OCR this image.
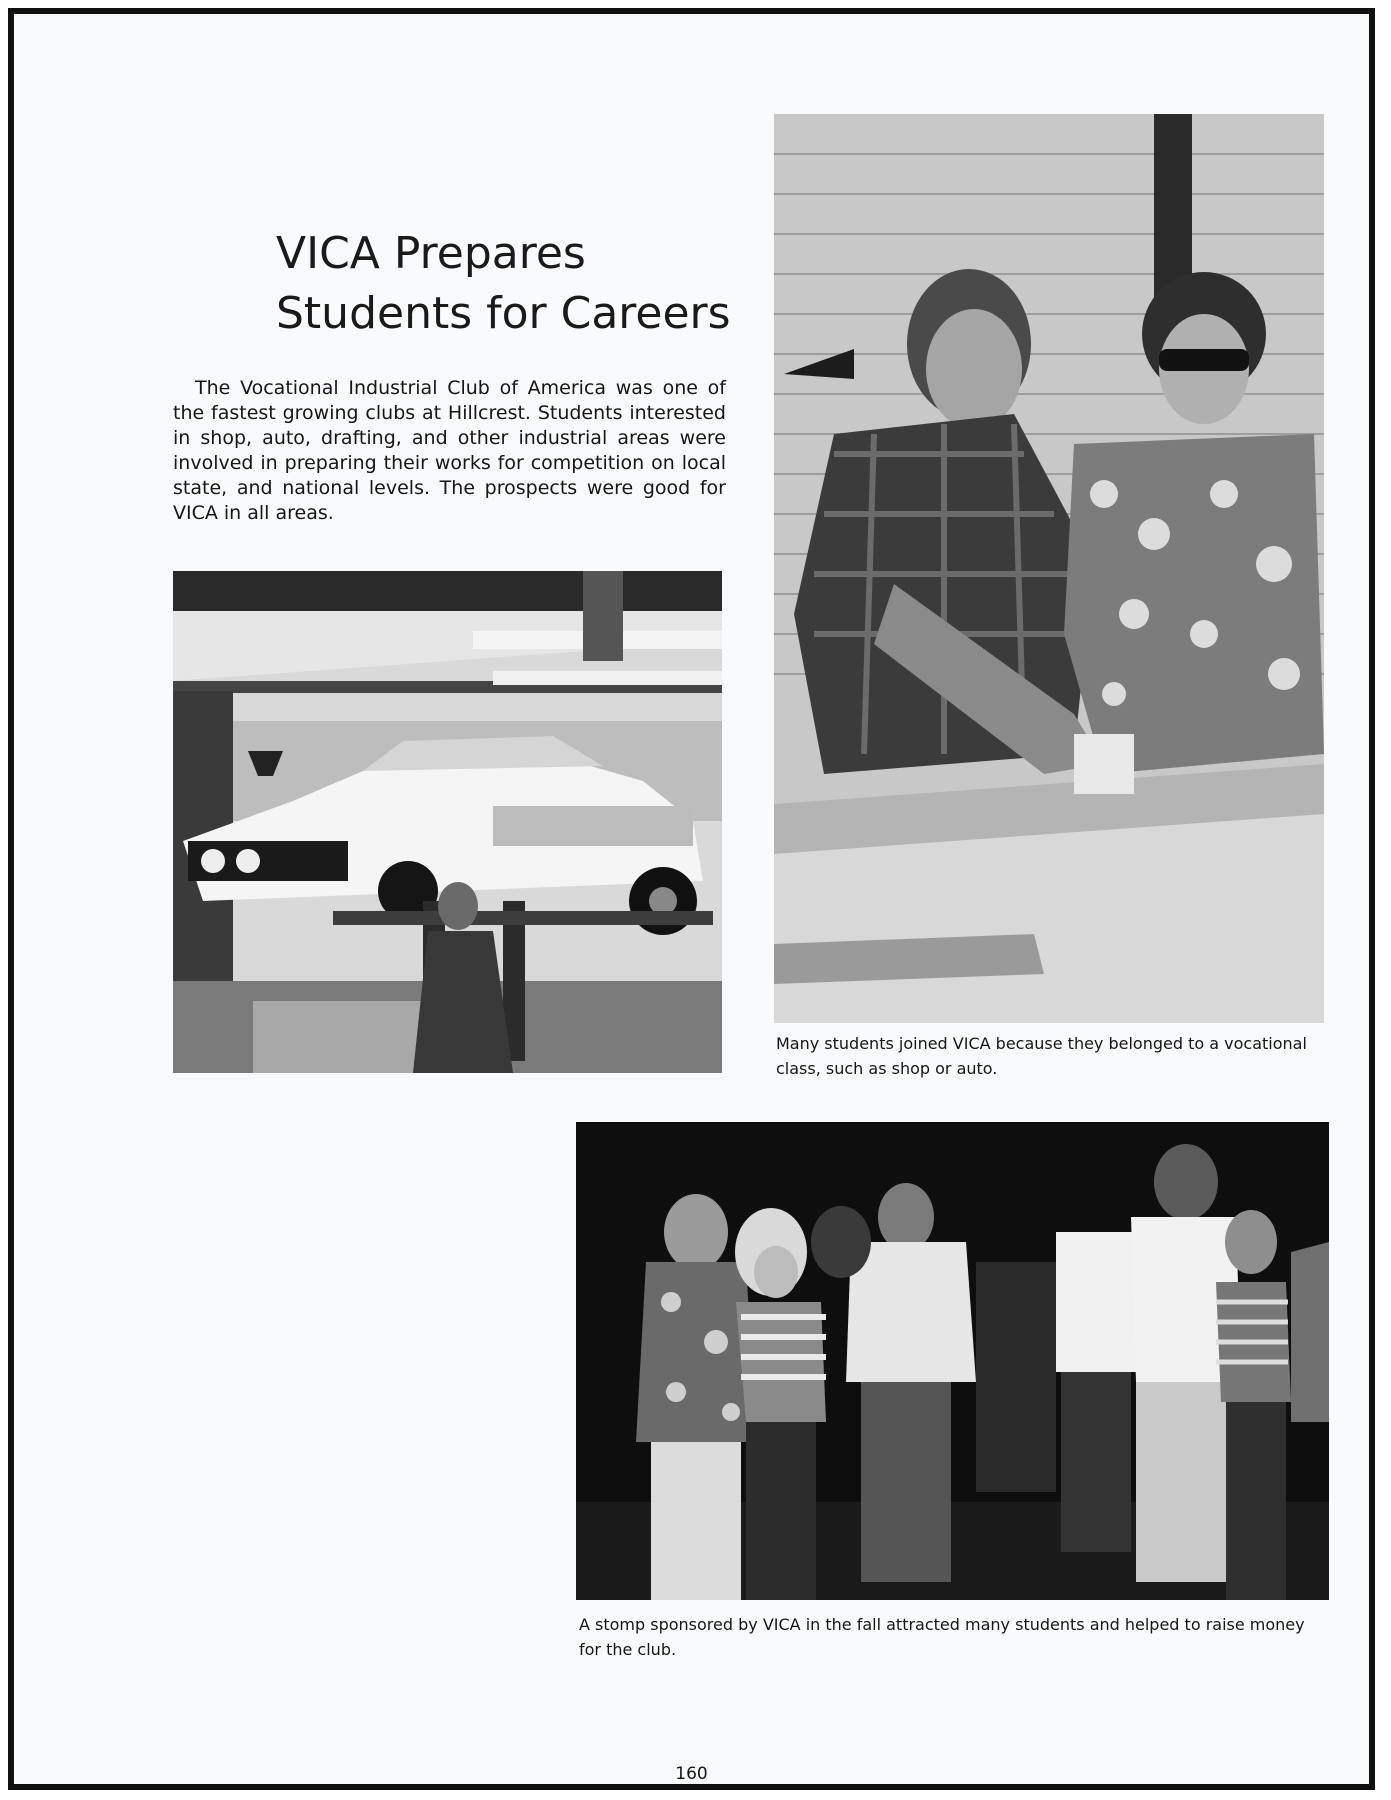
VICA Prepares
Students for Careers

The Vocational Industrial Club of America was one of the fastest growing clubs at Hillcrest. Students interested in shop, auto, drafting, and other industrial areas were involved in preparing their works for competition on local state, and national levels. The prospects were good for VICA in all areas.

Many students joined VICA because they belonged to a vocational class, such as shop or auto.

A stomp sponsored by VICA in the fall attracted many students and helped to raise money for the club.

160
